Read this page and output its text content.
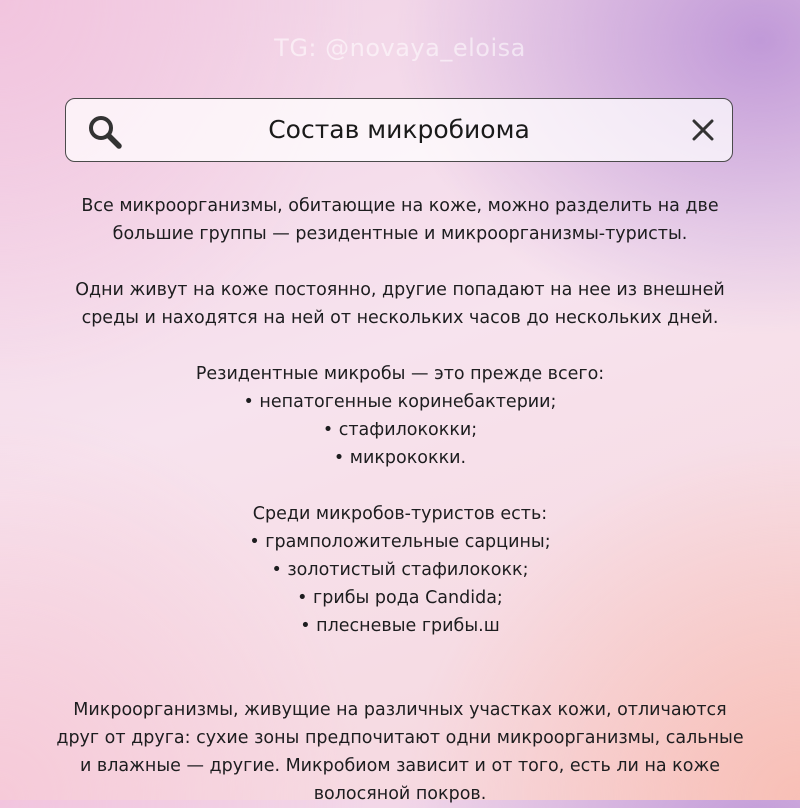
TG: @novaya_eloisa
Состав микробиома

Все микроорганизмы, обитающие на коже, можно разделить на две

большие группы — резидентные и микроорганизмы-туристы.

Одни живут на коже постоянно, другие попадают на нее из внешней

среды и находятся на ней от нескольких часов до нескольких дней.

Резидентные микробы — это прежде всего:

• непатогенные коринебактерии;

• стафилококки;

• микрококки.

Среди микробов-туристов есть:

• грамположительные сарцины;

• золотистый стафилококк;

• грибы рода Candida;

• плесневые грибы.ш

Микроорганизмы, живущие на различных участках кожи, отличаются

друг от друга: сухие зоны предпочитают одни микроорганизмы, сальные

и влажные — другие. Микробиом зависит и от того, есть ли на коже

волосяной покров.
